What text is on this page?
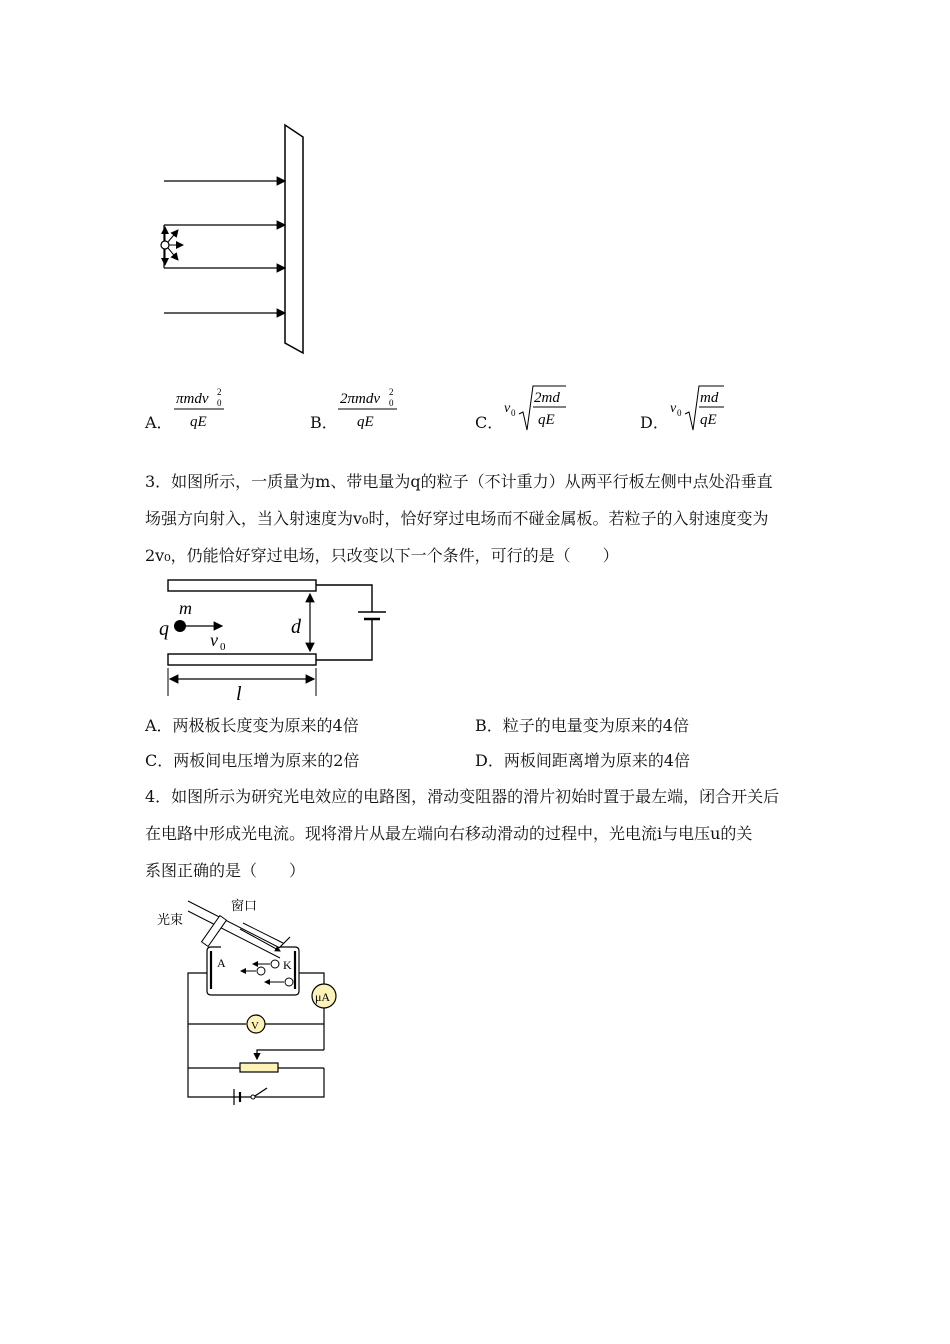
A．
πmdv 2
0
qE	B．
2πmdv 2
0
qE	C．
v 0
2md
qE	D．
v 0
md
qE
3．如图所示，一质量为m、带电量为q的粒子（不计重力）从两平行板左侧中点处沿垂直
场强方向射入，当入射速度为v₀时，恰好穿过电场而不碰金属板。若粒子的入射速度变为
2v₀，仍能恰好穿过电场，只改变以下一个条件，可行的是（　　）
d
m
q v 0
l
A．两极板长度变为原来的4倍	B．粒子的电量变为原来的4倍
C．两板间电压增为原来的2倍	D．两板间距离增为原来的4倍
4．如图所示为研究光电效应的电路图，滑动变阻器的滑片初始时置于最左端，闭合开关后
在电路中形成光电流。现将滑片从最左端向右移动滑动的过程中，光电流i与电压u的关
系图正确的是（　　）
光束
窗口
A	K
μA
V
